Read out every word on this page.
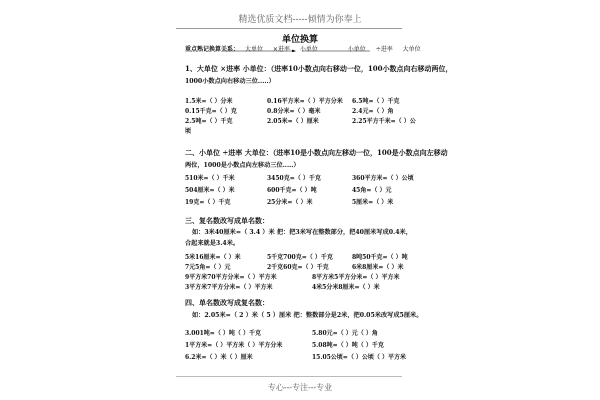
精选优质文档-----倾情为你奉上
单位换算
重点熟记换算关系： 大单位 ×进率 小单位	小单位 ÷进率 大单位
1、大单位 ×进率 小单位：（进率10小数点向右移动一位，100小数点向右移动两位，
1000小数点向右移动三位.....）
1.5米=（ ）分米	0.16平方米=（ ）平方分米 6.5吨=（ ）千克
0.15千克=（ ）克	0.8分米=（ ）毫米	2.4元=（ ）角
2.5吨=（ ）千克	2.05米=（ ）厘米	2.25平方千米=（ ）公
顷
二、小单位 ÷进率 大单位：（进率10是小数点向左移动一位，100是小数点向左移动
两位，1000是小数点向左移动三位.....）
510米=（ ）千米	3450克=（ ）千克	360平方米=（ ）公顷
504厘米=（ ）米	600千克=（ ）吨	45角=（ ）元
19克=（ ）千克	25分米=（ ）米	5厘米=（ ）米
三、复名数改写成单名数：
如：3米40厘米=（ 3.4 ）米 把：把3米写在整数部分，把40厘米写成0.4米，
合起来就是3.4米。
5米16厘米=（ ）米	5千克700克=（ ）千克	8吨50千克=（ ）吨
7元5角=（ ）元	2千克60克=（ ）千克	6米8厘米=（ ）米
9平方米70平方分米=（ ）平方米	8平方米5平方分米=（ ）平方米
3平方米7平方分米=（ ）平方米	4米5分米8厘米=（ ）米
四、单名数改写成复名数：
如：2.05米=（ 2 ）米（ 5 ）厘米 把：整数部分是2米，把0.05米改写成5厘米。
3.001吨=（ ）吨（ ）千克	5.80元=（ ）元（ ）角
1平方米=（ ）平方米（ ）平方分米	5.08吨=（ ）吨（ ）千克
6.2米=（ ）米（ ）厘米	15.05公顷=（ ）公顷（ ）平方米
专心---专注---专业
